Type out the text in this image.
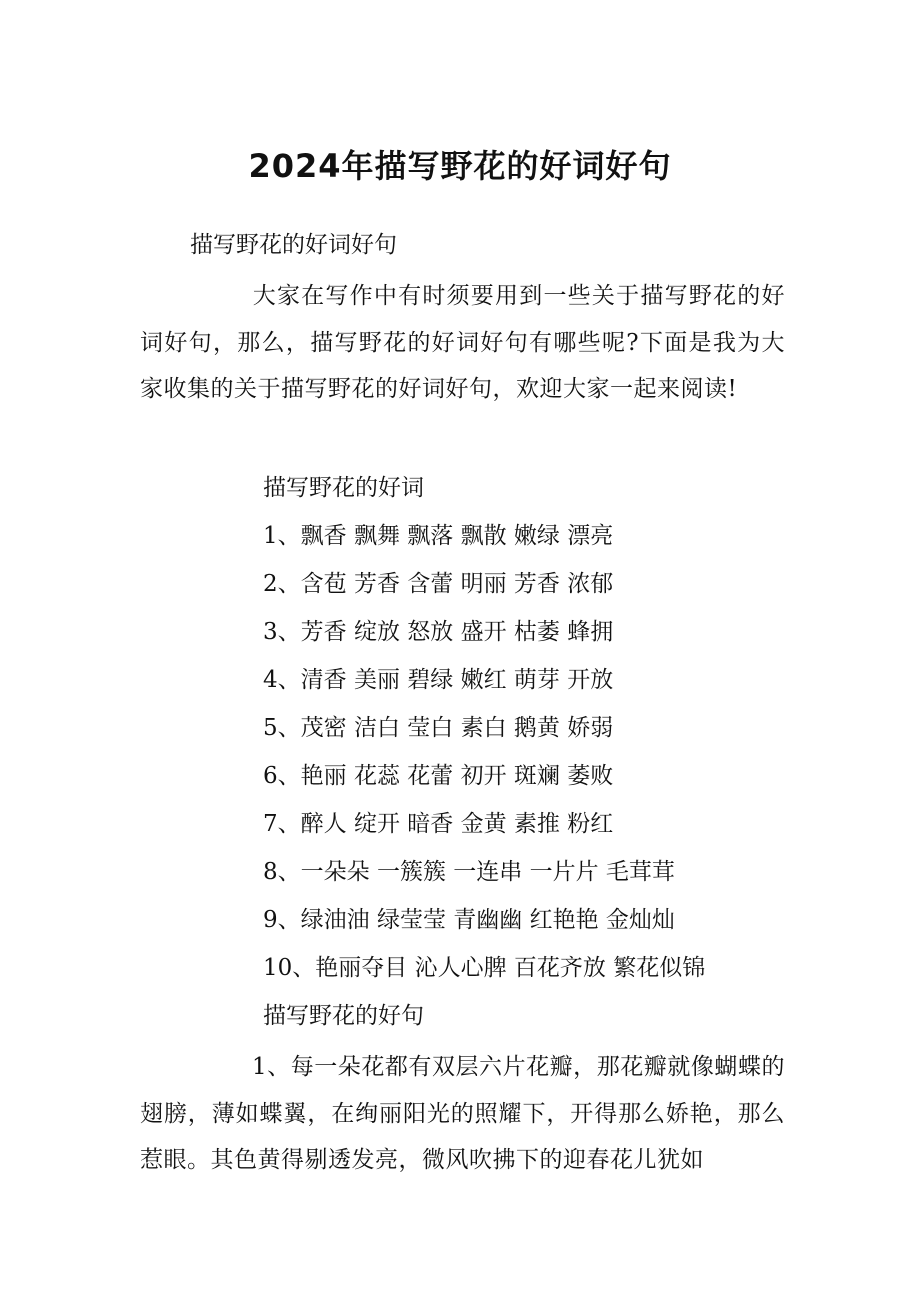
2024年描写野花的好词好句
描写野花的好词好句
大家在写作中有时须要用到一些关于描写野花的好词好句，那么，描写野花的好词好句有哪些呢?下面是我为大家收集的关于描写野花的好词好句，欢迎大家一起来阅读!
描写野花的好词
1、飘香 飘舞 飘落 飘散 嫩绿 漂亮
2、含苞 芳香 含蕾 明丽 芳香 浓郁
3、芳香 绽放 怒放 盛开 枯萎 蜂拥
4、清香 美丽 碧绿 嫩红 萌芽 开放
5、茂密 洁白 莹白 素白 鹅黄 娇弱
6、艳丽 花蕊 花蕾 初开 斑斓 萎败
7、醉人 绽开 暗香 金黄 素推 粉红
8、一朵朵 一簇簇 一连串 一片片 毛茸茸
9、绿油油 绿莹莹 青幽幽 红艳艳 金灿灿
10、艳丽夺目 沁人心脾 百花齐放 繁花似锦
描写野花的好句
1、每一朵花都有双层六片花瓣，那花瓣就像蝴蝶的翅膀，薄如蝶翼，在绚丽阳光的照耀下，开得那么娇艳，那么惹眼。其色黄得剔透发亮，微风吹拂下的迎春花儿犹如
